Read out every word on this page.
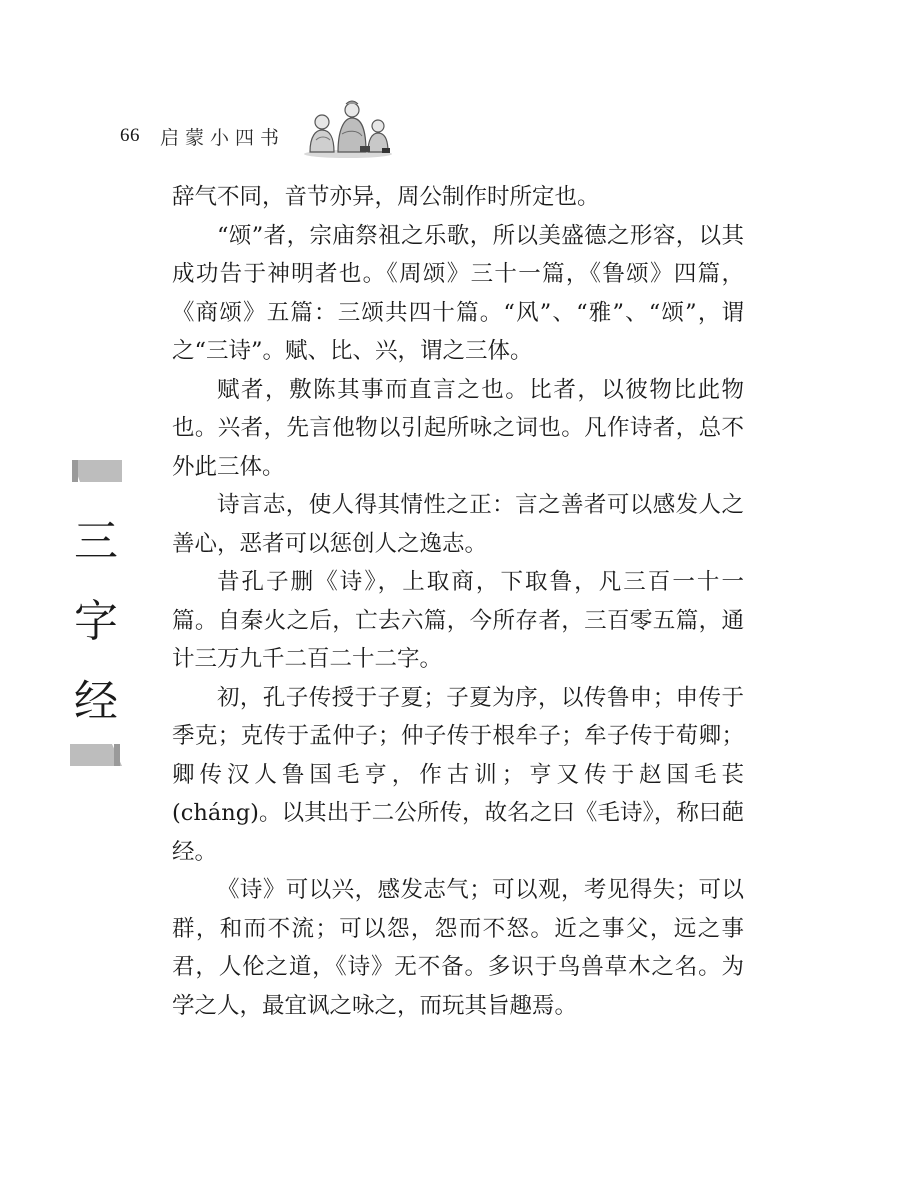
66 启蒙小四书
三
字
经

辞气不同，音节亦异，周公制作时所定也。

“颂”者，宗庙祭祖之乐歌，所以美盛德之形容，以其成功告于神明者也。《周颂》三十一篇，《鲁颂》四篇，《商颂》五篇：三颂共四十篇。“风”、“雅”、“颂”，谓之“三诗”。赋、比、兴，谓之三体。

赋者，敷陈其事而直言之也。比者，以彼物比此物也。兴者，先言他物以引起所咏之词也。凡作诗者，总不外此三体。

诗言志，使人得其情性之正：言之善者可以感发人之善心，恶者可以惩创人之逸志。

昔孔子删《诗》，上取商，下取鲁，凡三百一十一篇。自秦火之后，亡去六篇，今所存者，三百零五篇，通计三万九千二百二十二字。

初，孔子传授于子夏；子夏为序，以传鲁申；申传于季克；克传于孟仲子；仲子传于根牟子；牟子传于荀卿；卿传汉人鲁国毛亨，作古训；亨又传于赵国毛苌(cháng)。以其出于二公所传，故名之曰《毛诗》，称曰葩经。

《诗》可以兴，感发志气；可以观，考见得失；可以群，和而不流；可以怨，怨而不怒。近之事父，远之事君，人伦之道，《诗》无不备。多识于鸟兽草木之名。为学之人，最宜讽之咏之，而玩其旨趣焉。
